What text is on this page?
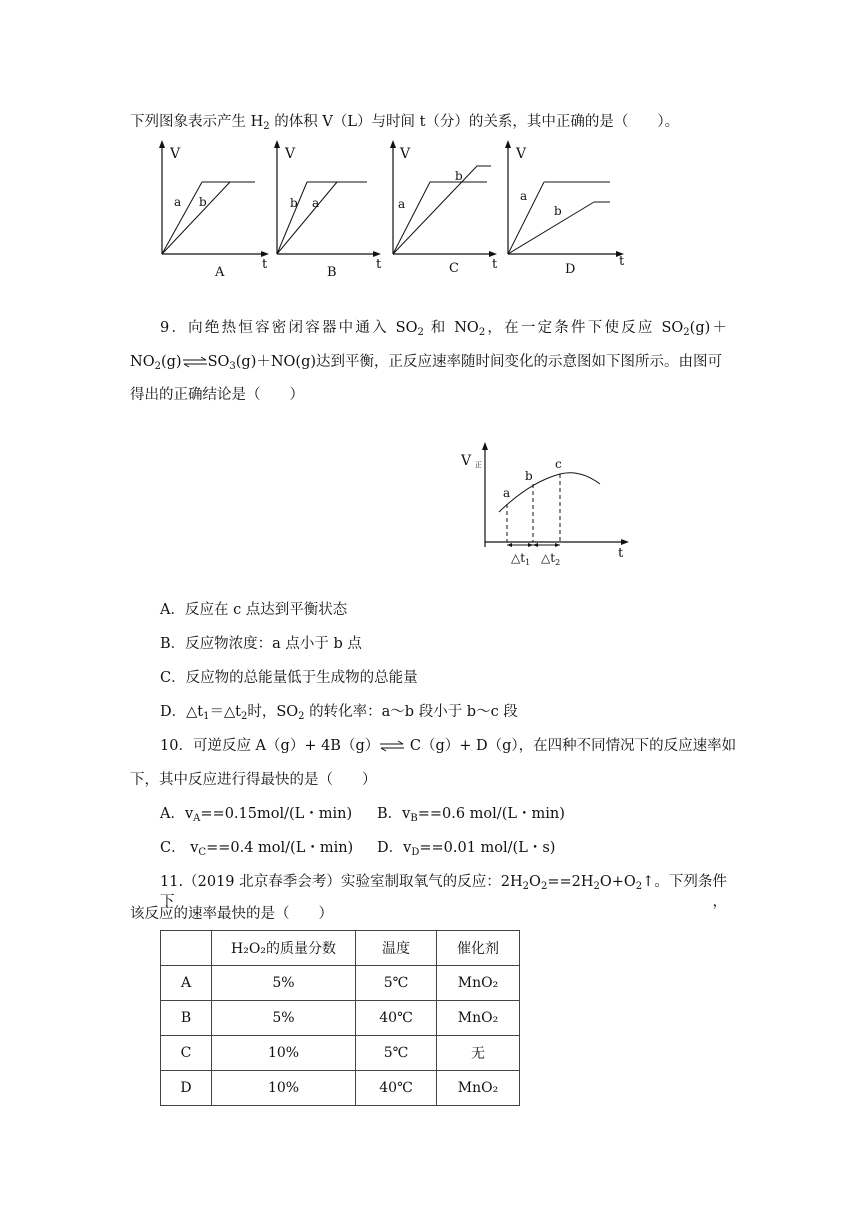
下列图象表示产生 $H_2$ 的体积 V（L）与时间 t（分）的关系，其中正确的是（　　）。
V
t
a b
A
V
t
b a
B
V
t
a
b
C
V
t
a
b
D
9．向绝热恒容密闭容器中通入 $SO_2$ 和 $NO_2$，在一定条件下使反应 $SO_2(g)+$
$NO_2(g)\rightleftharpoons SO_3(g)+NO(g)$达到平衡，正反应速率随时间变化的示意图如下图所示。由图可
得出的正确结论是（　　）
V 正
t
a
b
c
$\triangle t_1$ $\triangle t_2$
A．反应在 c 点达到平衡状态
B．反应物浓度：a 点小于 b 点
C．反应物的总能量低于生成物的总能量
D．$\triangle t_1=\triangle t_2$时，$SO_2$ 的转化率：a～b 段小于 b～c 段
10．可逆反应 A（g）+ 4B（g）⇌ C（g）+ D（g），在四种不同情况下的反应速率如
下，其中反应进行得最快的是（　　）
A．$v_A==0.15mol/(L$・min) B．$v_B==0.6$ mol/(L・min)
C． $v_C==0.4$ mol/(L・min) D．$v_D==0.01$ mol/(L・s)
11.（2019 北京春季会考）实验室制取氧气的反应：$2H_2O_2==2H_2O+O_2↑$。下列条件下，
该反应的速率最快的是（　　）
	H₂O₂的质量分数	温度	催化剂
A	5%	5℃	MnO₂
B	5%	40℃	MnO₂
C	10%	5℃	无
D	10%	40℃	MnO₂
